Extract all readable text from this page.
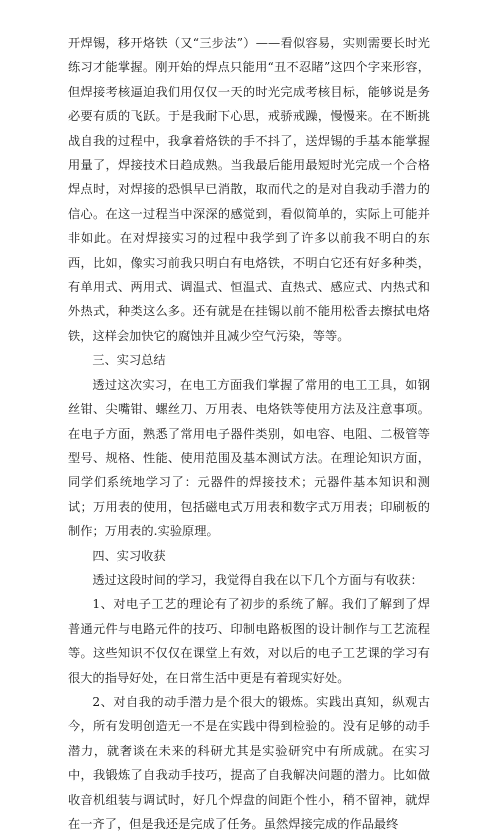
开焊锡，移开烙铁（又“三步法”）——看似容易，实则需要长时光练习才能掌握。刚开始的焊点只能用“丑不忍睹”这四个字来形容，但焊接考核逼迫我们用仅仅一天的时光完成考核目标，能够说是务必要有质的飞跃。于是我耐下心思，戒骄戒躁，慢慢来。在不断挑战自我的过程中，我拿着烙铁的手不抖了，送焊锡的手基本能掌握用量了，焊接技术日趋成熟。当我最后能用最短时光完成一个合格焊点时，对焊接的恐惧早已消散，取而代之的是对自我动手潜力的信心。在这一过程当中深深的感觉到，看似简单的，实际上可能并非如此。在对焊接实习的过程中我学到了许多以前我不明白的东西，比如，像实习前我只明白有电烙铁，不明白它还有好多种类，有单用式、两用式、调温式、恒温式、直热式、感应式、内热式和外热式，种类这么多。还有就是在挂锡以前不能用松香去擦拭电烙铁，这样会加快它的腐蚀并且减少空气污染，等等。

三、实习总结

透过这次实习，在电工方面我们掌握了常用的电工工具，如钢丝钳、尖嘴钳、螺丝刀、万用表、电烙铁等使用方法及注意事项。在电子方面，熟悉了常用电子器件类别，如电容、电阻、二极管等型号、规格、性能、使用范围及基本测试方法。在理论知识方面，同学们系统地学习了：元器件的焊接技术；元器件基本知识和测试；万用表的使用，包括磁电式万用表和数字式万用表；印刷板的制作；万用表的.实验原理。

四、实习收获

透过这段时间的学习，我觉得自我在以下几个方面与有收获：

1、对电子工艺的理论有了初步的系统了解。我们了解到了焊普通元件与电路元件的技巧、印制电路板图的设计制作与工艺流程等。这些知识不仅仅在课堂上有效，对以后的电子工艺课的学习有很大的指导好处，在日常生活中更是有着现实好处。

2、对自我的动手潜力是个很大的锻炼。实践出真知，纵观古今，所有发明创造无一不是在实践中得到检验的。没有足够的动手潜力，就奢谈在未来的科研尤其是实验研究中有所成就。在实习中，我锻炼了自我动手技巧，提高了自我解决问题的潜力。比如做收音机组装与调试时，好几个焊盘的间距个性小，稍不留神，就焊在一齐了，但是我还是完成了任务。虽然焊接完成的作品最终
